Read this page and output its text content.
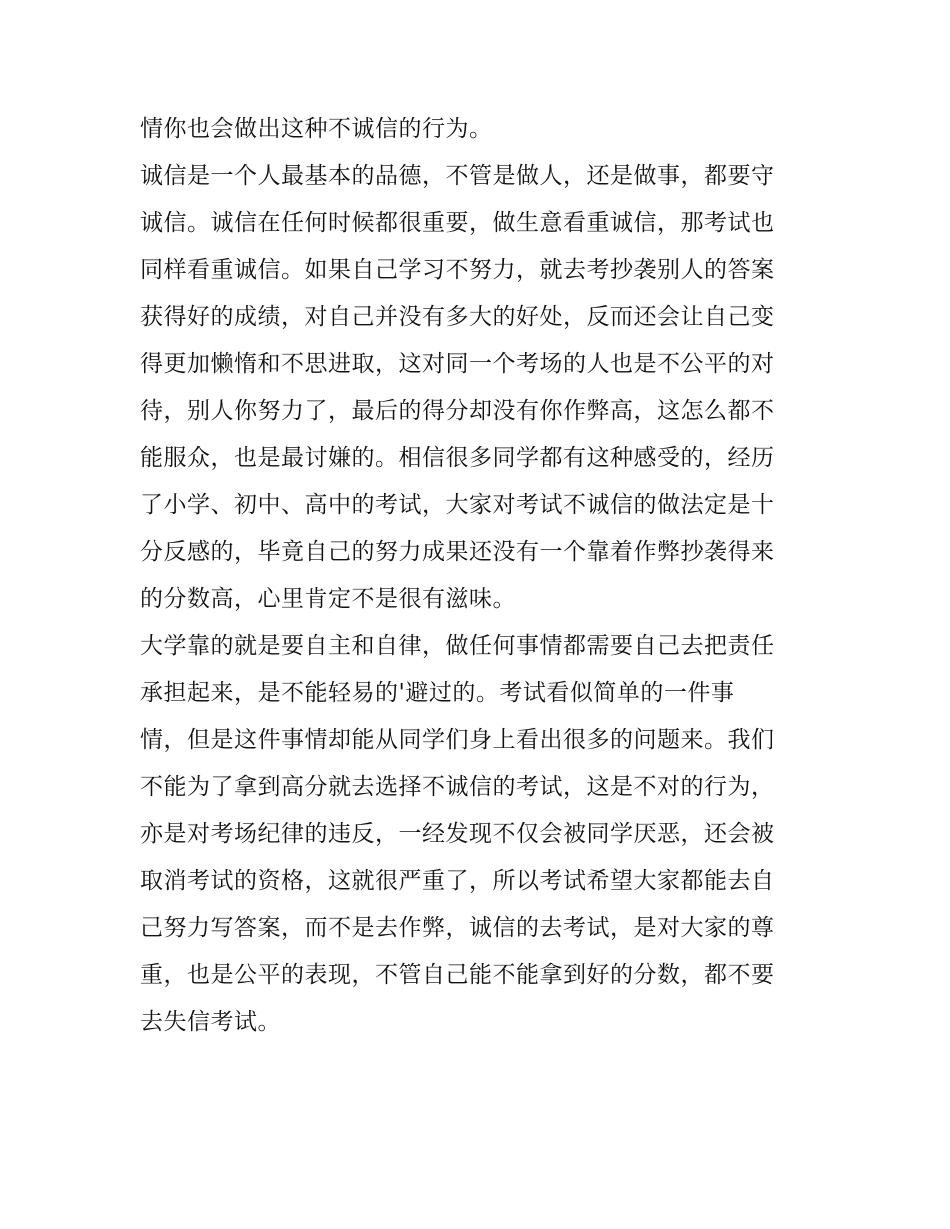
情你也会做出这种不诚信的行为。
诚信是一个人最基本的品德，不管是做人，还是做事，都要守
诚信。诚信在任何时候都很重要，做生意看重诚信，那考试也
同样看重诚信。如果自己学习不努力，就去考抄袭别人的答案
获得好的成绩，对自己并没有多大的好处，反而还会让自己变
得更加懒惰和不思进取，这对同一个考场的人也是不公平的对
待，别人你努力了，最后的得分却没有你作弊高，这怎么都不
能服众，也是最讨嫌的。相信很多同学都有这种感受的，经历
了小学、初中、高中的考试，大家对考试不诚信的做法定是十
分反感的，毕竟自己的努力成果还没有一个靠着作弊抄袭得来
的分数高，心里肯定不是很有滋味。
大学靠的就是要自主和自律，做任何事情都需要自己去把责任
承担起来，是不能轻易的'避过的。考试看似简单的一件事
情，但是这件事情却能从同学们身上看出很多的问题来。我们
不能为了拿到高分就去选择不诚信的考试，这是不对的行为，
亦是对考场纪律的违反，一经发现不仅会被同学厌恶，还会被
取消考试的资格，这就很严重了，所以考试希望大家都能去自
己努力写答案，而不是去作弊，诚信的去考试，是对大家的尊
重，也是公平的表现，不管自己能不能拿到好的分数，都不要
去失信考试。
